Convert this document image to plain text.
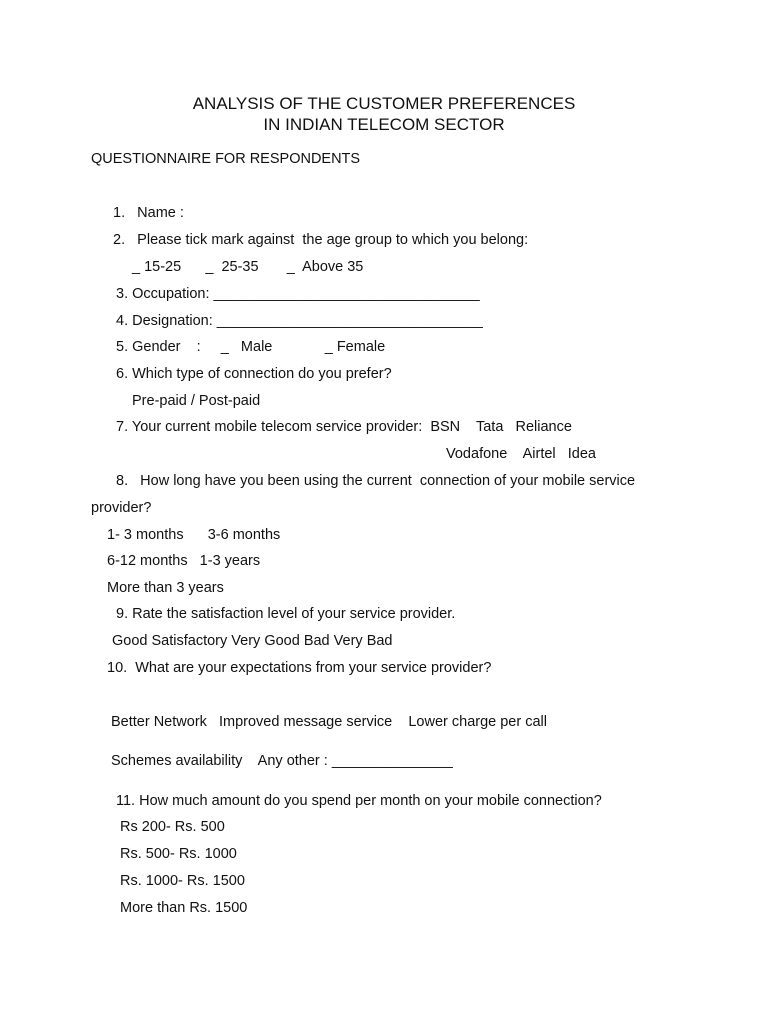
ANALYSIS OF THE CUSTOMER PREFERENCES
IN INDIAN TELECOM SECTOR
QUESTIONNAIRE FOR RESPONDENTS
1.   Name :
2.   Please tick mark against  the age group to which you belong:
_ 15-25      _  25-35       _  Above 35
3. Occupation: _________________________________
4. Designation: _________________________________
5. Gender    :     _   Male             _ Female
6. Which type of connection do you prefer?
Pre-paid / Post-paid
7. Your current mobile telecom service provider:  BSN    Tata   Reliance
Vodafone    Airtel   Idea
8.   How long have you been using the current  connection of your mobile service
provider?
1- 3 months      3-6 months
6-12 months   1-3 years
More than 3 years
9. Rate the satisfaction level of your service provider.
Good Satisfactory Very Good Bad Very Bad
10.  What are your expectations from your service provider?
Better Network   Improved message service    Lower charge per call
Schemes availability    Any other : _______________
11. How much amount do you spend per month on your mobile connection?
Rs 200- Rs. 500
Rs. 500- Rs. 1000
Rs. 1000- Rs. 1500
More than Rs. 1500
